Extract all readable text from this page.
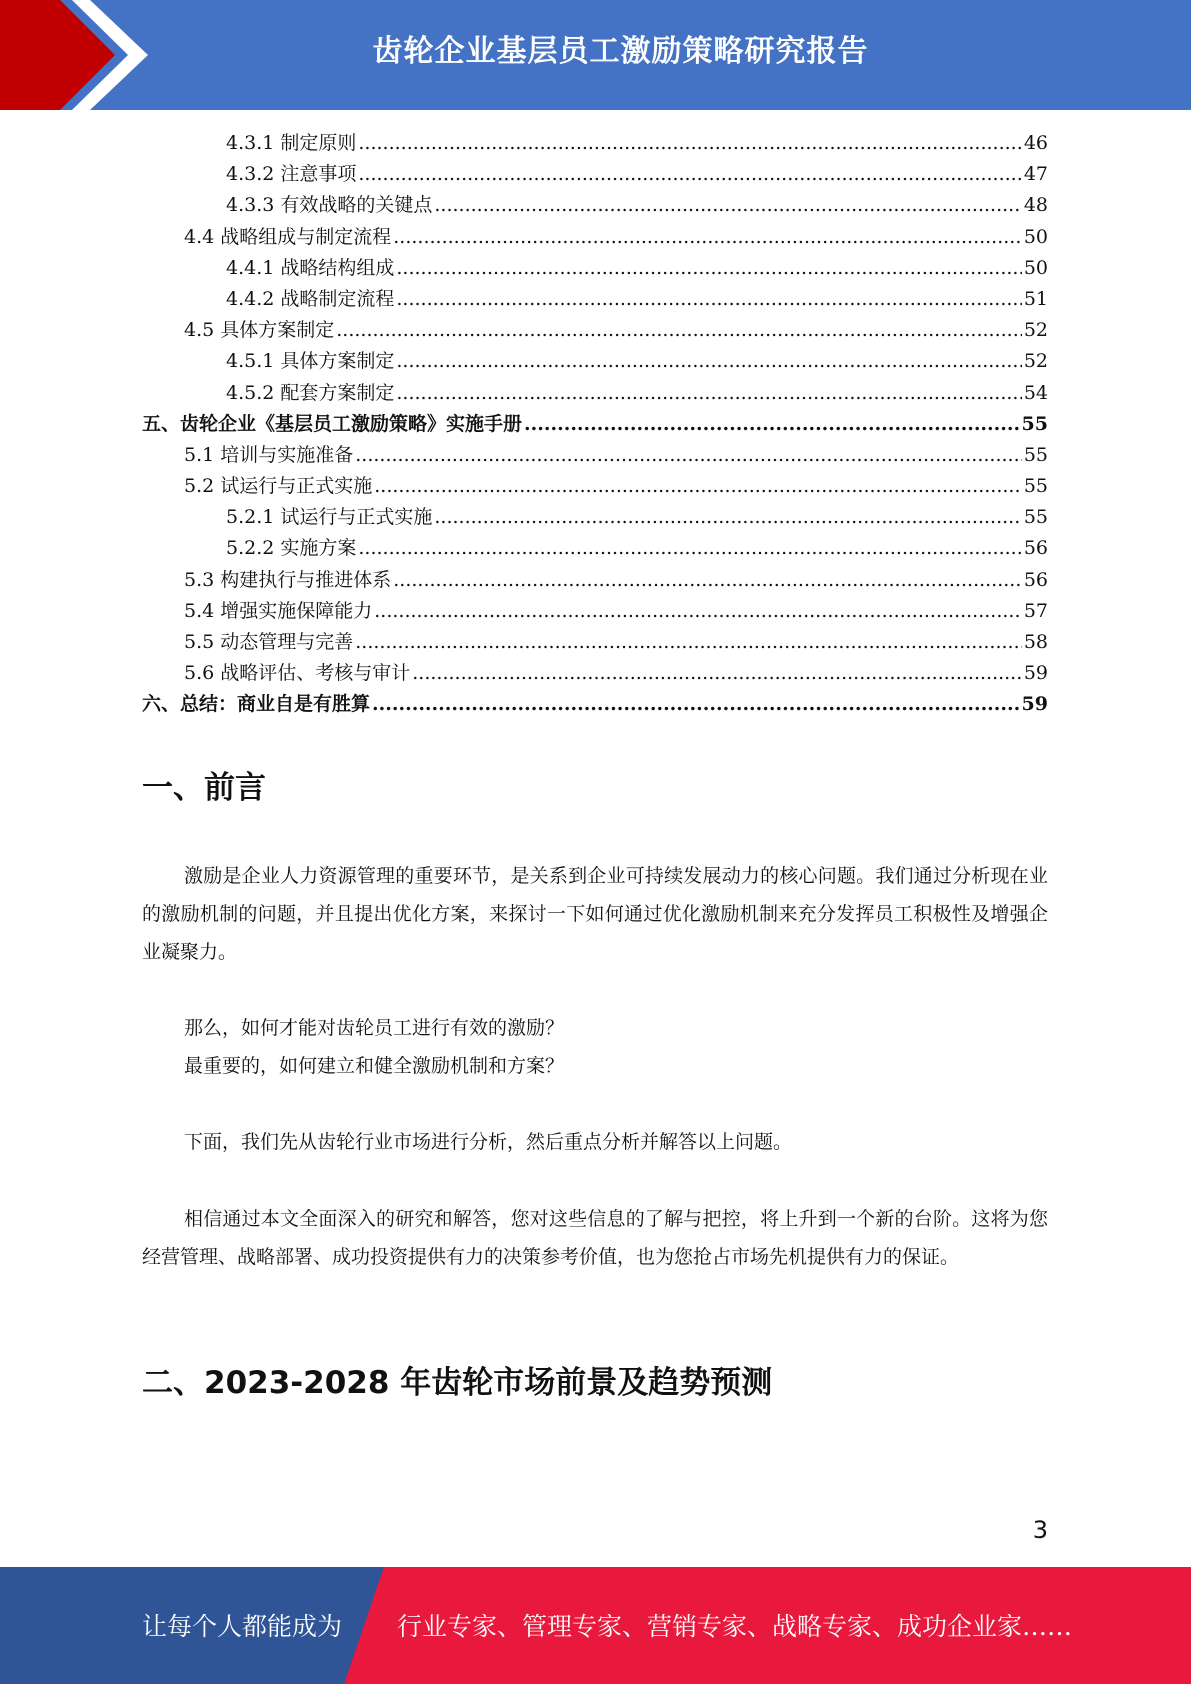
齿轮企业基层员工激励策略研究报告
4.3.1 制定原则 .....	46
4.3.2 注意事项 .....	47
4.3.3 有效战略的关键点 .....	48
4.4 战略组成与制定流程 .....	50
4.4.1 战略结构组成 .....	50
4.4.2 战略制定流程 .....	51
4.5 具体方案制定 .....	52
4.5.1 具体方案制定 .....	52
4.5.2 配套方案制定 .....	54
五、齿轮企业《基层员工激励策略》实施手册 .....	55
5.1 培训与实施准备 .....	55
5.2 试运行与正式实施 .....	55
5.2.1 试运行与正式实施 .....	55
5.2.2 实施方案 .....	56
5.3 构建执行与推进体系 .....	56
5.4 增强实施保障能力 .....	57
5.5 动态管理与完善 .....	58
5.6 战略评估、考核与审计 .....	59
六、总结：商业自是有胜算 .....	59
一、前言

激励是企业人力资源管理的重要环节，是关系到企业可持续发展动力的核心问题。我们通过分析现在业的激励机制的问题，并且提出优化方案，来探讨一下如何通过优化激励机制来充分发挥员工积极性及增强企业凝聚力。

那么，如何才能对齿轮员工进行有效的激励？

最重要的，如何建立和健全激励机制和方案？

下面，我们先从齿轮行业市场进行分析，然后重点分析并解答以上问题。

相信通过本文全面深入的研究和解答，您对这些信息的了解与把控，将上升到一个新的台阶。这将为您经营管理、战略部署、成功投资提供有力的决策参考价值，也为您抢占市场先机提供有力的保证。

二、2023-2028 年齿轮市场前景及趋势预测
3
让每个人都能成为 行业专家、管理专家、营销专家、战略专家、成功企业家……
